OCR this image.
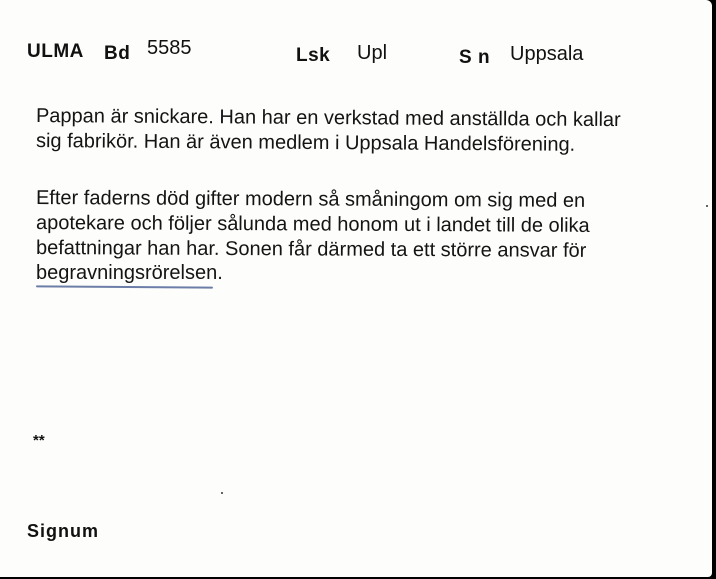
ULMA Bd 5585	Lsk Upl	S n Uppsala
Pappan är snickare. Han har en verkstad med anställda och kallar
sig fabrikör. Han är även medlem i Uppsala Handelsförening.
Efter faderns död gifter modern så småningom om sig med en
apotekare och följer sålunda med honom ut i landet till de olika
befattningar han har. Sonen får därmed ta ett större ansvar för
begravningsrörelsen.
**
Signum
